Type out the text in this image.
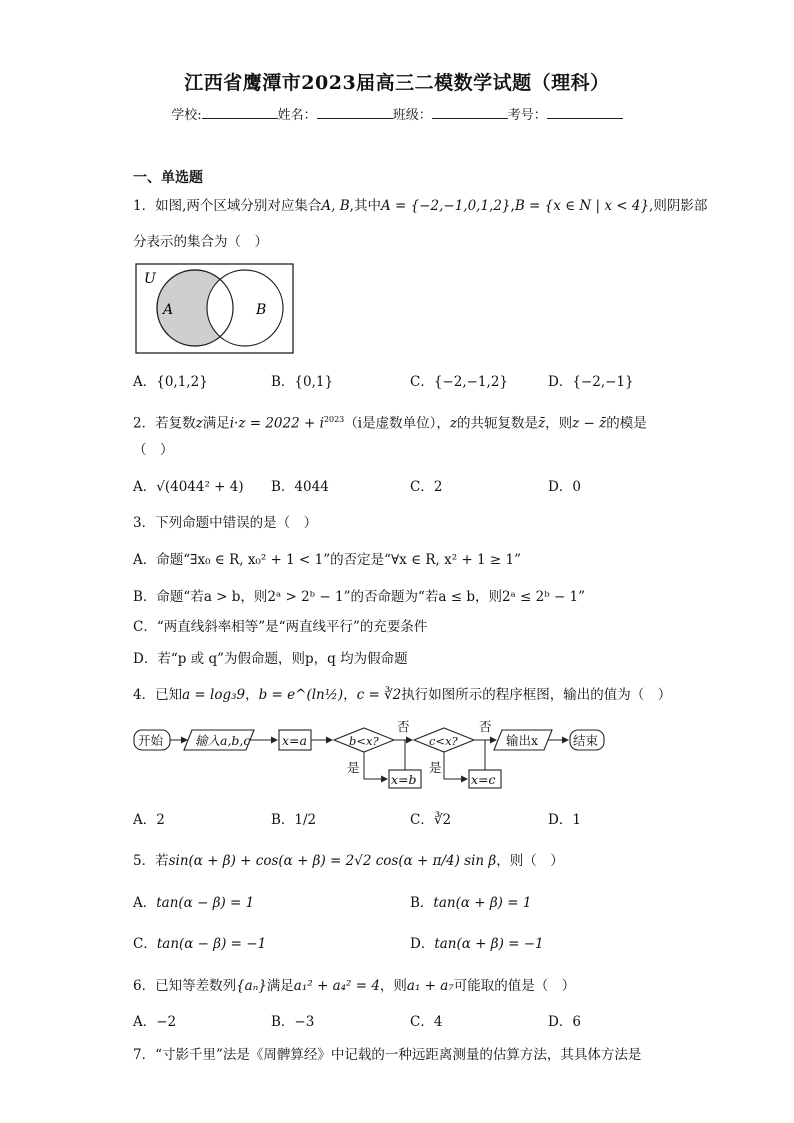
江西省鹰潭市2023届高三二模数学试题（理科）
学校:	姓名：	班级：	考号：
一、单选题
1．如图,两个区域分别对应集合A, B,其中A = {−2,−1,0,1,2},B = {x ∈ N | x < 4},则阴影部
分表示的集合为（　）
U
A	B
A．{0,1,2}	B．{0,1}	C．{−2,−1,2}	D．{−2,−1}
2．若复数z满足$i\cdot z = 2022 + i^{2023}(i$是虚数单位），z的共轭复数是z̄，则z − z̄的模是
（　）
A．√(4044² + 4) B．4044	C．2	D．0
3．下列命题中错误的是（　）
A．命题“∃x₀ ∈ R, x₀² + 1 < 1”的否定是“∀x ∈ R, x² + 1 ≥ 1”
B．命题“若a > b，则2ᵃ > 2ᵇ − 1”的否命题为“若a ≤ b，则2ᵃ ≤ 2ᵇ − 1”
C．“两直线斜率相等”是“两直线平行”的充要条件
D．若“p 或 q”为假命题，则p，q 均为假命题
4．已知a = log₃9，b = e^(ln½)，c = ∛2执行如图所示的程序框图，输出的值为（　）
开始	输入a,b,c	x=a	b<x?	c<x?	输出x	结束
否	否
是	是
x=b	x=c
A．2	B．1/2	C．∛2	D．1
5．若sin(α + β) + cos(α + β) = 2√2 cos(α + π/4) sin β，则（　）
A．tan(α − β) = 1	B．tan(α + β) = 1
C．tan(α − β) = −1	D．tan(α + β) = −1
6．已知等差数列{aₙ}满足a₁² + a₄² = 4，则a₁ + a₇可能取的值是（　）
A．−2	B．−3	C．4	D．6
7．“寸影千里”法是《周髀算经》中记载的一种远距离测量的估算方法，其具体方法是
